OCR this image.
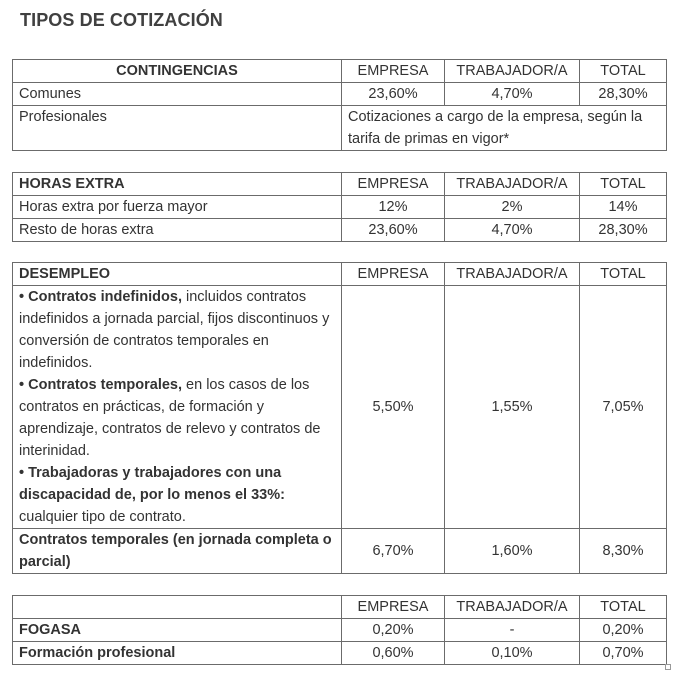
TIPOS DE COTIZACIÓN
CONTINGENCIAS	EMPRESA	TRABAJADOR/A	TOTAL
Comunes	23,60%	4,70%	28,30%
Profesionales	Cotizaciones a cargo de la empresa, según la tarifa de primas en vigor*		
HORAS EXTRA	EMPRESA	TRABAJADOR/A	TOTAL
Horas extra por fuerza mayor	12%	2%	14%
Resto de horas extra	23,60%	4,70%	28,30%
DESEMPLEO	EMPRESA	TRABAJADOR/A	TOTAL

• Contratos indefinidos, incluidos contratos indefinidos a jornada parcial, fijos discontinuos y conversión de contratos temporales en indefinidos.
• Contratos temporales, en los casos de los contratos en prácticas, de formación y aprendizaje, contratos de relevo y contratos de interinidad.
• Trabajadoras y trabajadores con una discapacidad de, por lo menos el 33%: cualquier tipo de contrato.	5,50%	1,55%	7,05%
Contratos temporales (en jornada completa o parcial)	6,70%	1,60%	8,30%
	EMPRESA	TRABAJADOR/A	TOTAL
FOGASA	0,20%	-	0,20%
Formación profesional	0,60%	0,10%	0,70%
